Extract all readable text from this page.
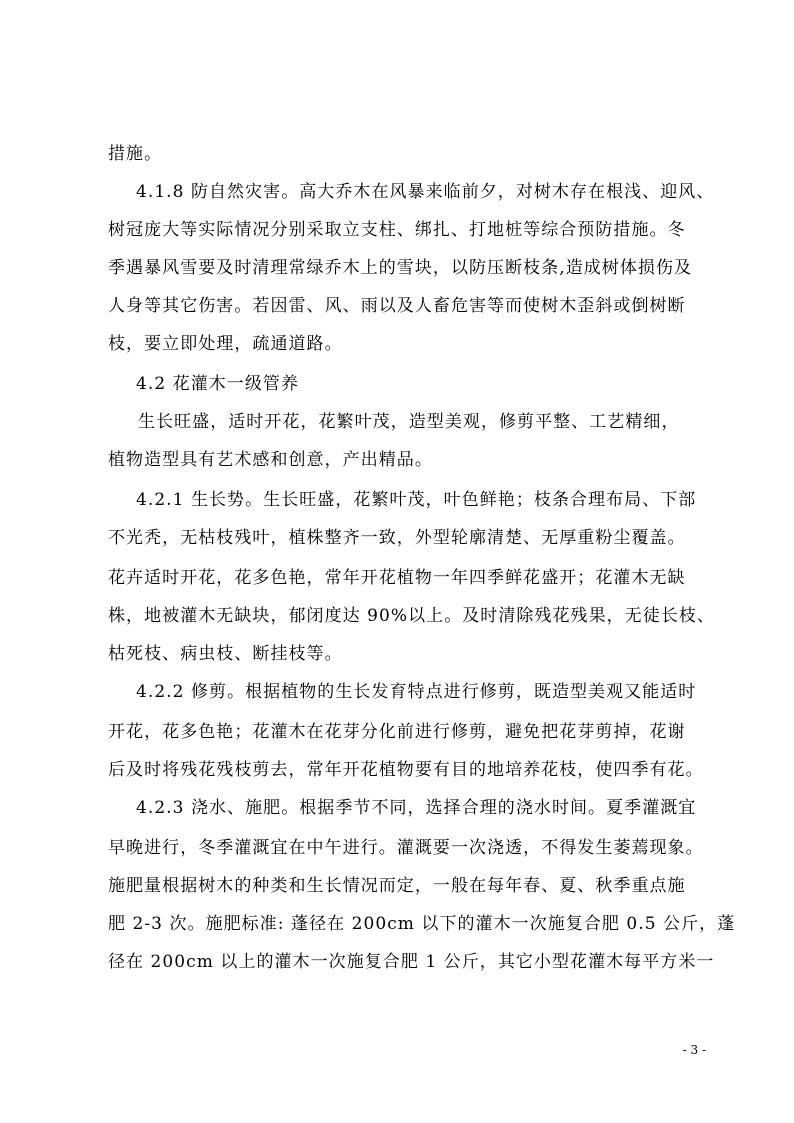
措施。
4.1.8 防自然灾害。高大乔木在风暴来临前夕，对树木存在根浅、迎风、
树冠庞大等实际情况分别采取立支柱、绑扎、打地桩等综合预防措施。冬
季遇暴风雪要及时清理常绿乔木上的雪块，以防压断枝条,造成树体损伤及
人身等其它伤害。若因雷、风、雨以及人畜危害等而使树木歪斜或倒树断
枝，要立即处理，疏通道路。
4.2 花灌木一级管养
生长旺盛，适时开花，花繁叶茂，造型美观，修剪平整、工艺精细，
植物造型具有艺术感和创意，产出精品。
4.2.1 生长势。生长旺盛，花繁叶茂，叶色鲜艳；枝条合理布局、下部
不光秃，无枯枝残叶，植株整齐一致，外型轮廓清楚、无厚重粉尘覆盖。
花卉适时开花，花多色艳，常年开花植物一年四季鲜花盛开；花灌木无缺
株，地被灌木无缺块，郁闭度达 90%以上。及时清除残花残果，无徒长枝、
枯死枝、病虫枝、断挂枝等。
4.2.2 修剪。根据植物的生长发育特点进行修剪，既造型美观又能适时
开花，花多色艳；花灌木在花芽分化前进行修剪，避免把花芽剪掉，花谢
后及时将残花残枝剪去，常年开花植物要有目的地培养花枝，使四季有花。
4.2.3 浇水、施肥。根据季节不同，选择合理的浇水时间。夏季灌溉宜
早晚进行，冬季灌溉宜在中午进行。灌溉要一次浇透，不得发生萎蔫现象。
施肥量根据树木的种类和生长情况而定，一般在每年春、夏、秋季重点施
肥 2-3 次。施肥标准: 蓬径在 200cm 以下的灌木一次施复合肥 0.5 公斤，蓬
径在 200cm 以上的灌木一次施复合肥 1 公斤，其它小型花灌木每平方米一
- 3 -
